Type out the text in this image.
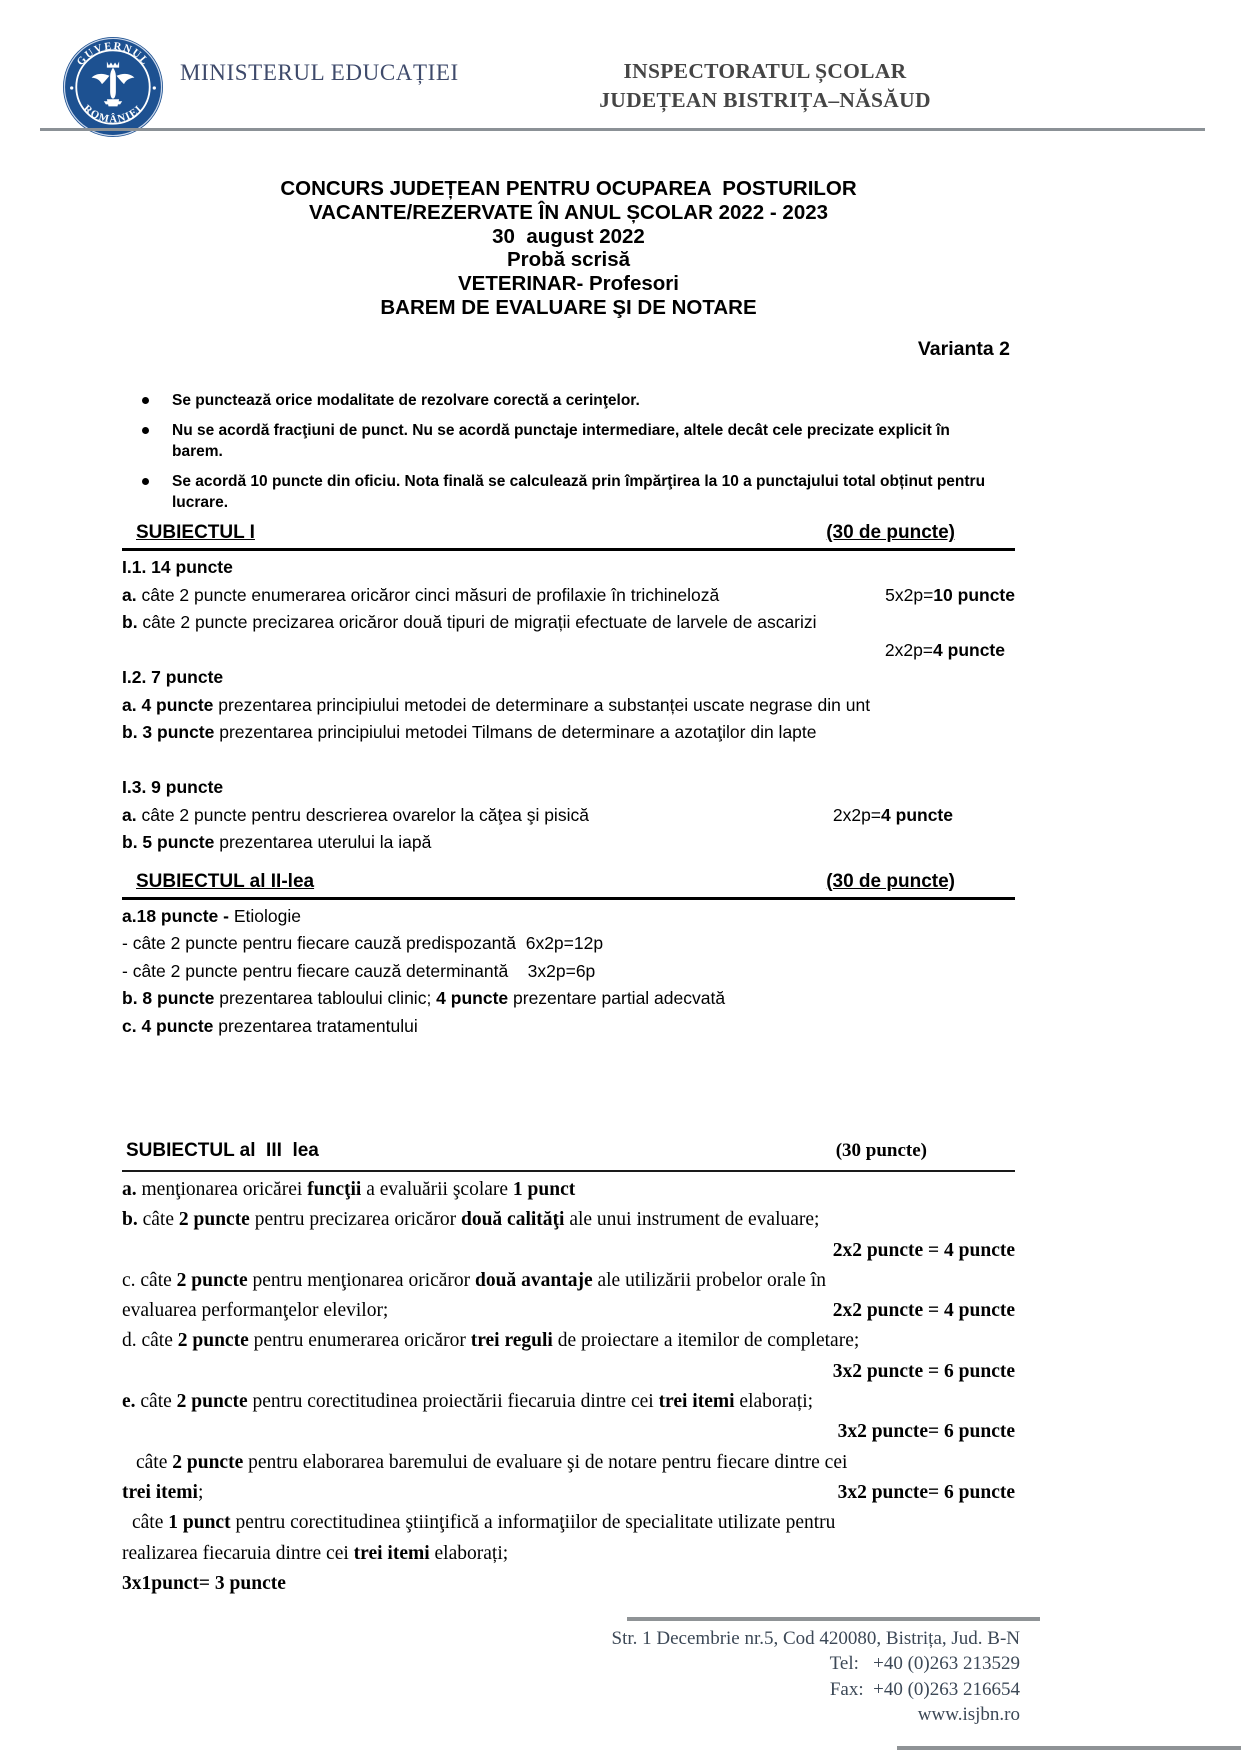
GUVERNUL
ROMÂNIEI
MINISTERUL EDUCAȚIEI	INSPECTORATUL ȘCOLAR
JUDEȚEAN BISTRIȚA–NĂSĂUD
CONCURS JUDEȚEAN PENTRU OCUPAREA  POSTURILOR
VACANTE/REZERVATE ÎN ANUL ȘCOLAR 2022 - 2023
30  august 2022
Probă scrisă
VETERINAR- Profesori
BAREM DE EVALUARE ŞI DE NOTARE
Varianta 2
Se punctează orice modalitate de rezolvare corectă a cerinţelor.
Nu se acordă fracţiuni de punct. Nu se acordă punctaje intermediare, altele decât cele precizate explicit în barem.
Se acordă 10 puncte din oficiu. Nota finală se calculează prin împărţirea la 10 a punctajului total obținut pentru lucrare.
SUBIECTUL I	(30 de puncte)
I.1. 14 puncte
a. câte 2 puncte enumerarea oricăror cinci măsuri de profilaxie în trichineloză	5x2p=10 puncte
b. câte 2 puncte precizarea oricăror două tipuri de migrații efectuate de larvele de ascarizi
2x2p=4 puncte
I.2. 7 puncte
a. 4 puncte prezentarea principiului metodei de determinare a substanței uscate negrase din unt
b. 3 puncte prezentarea principiului metodei Tilmans de determinare a azotaţilor din lapte
I.3. 9 puncte
a. câte 2 puncte pentru descrierea ovarelor la căţea şi pisică	2x2p=4 puncte
b. 5 puncte prezentarea uterului la iapă
SUBIECTUL al II-lea	(30 de puncte)
a.18 puncte - Etiologie
- câte 2 puncte pentru fiecare cauză predispozantă  6x2p=12p
- câte 2 puncte pentru fiecare cauză determinantă    3x2p=6p
b. 8 puncte prezentarea tabloului clinic; 4 puncte prezentare partial adecvată
c. 4 puncte prezentarea tratamentului
SUBIECTUL al  III  lea	(30 puncte)
a. menţionarea oricărei funcţii a evaluării şcolare 1 punct
b. câte 2 puncte pentru precizarea oricăror două calităţi ale unui instrument de evaluare;
2x2 puncte = 4 puncte
c. câte 2 puncte pentru menţionarea oricăror două avantaje ale utilizării probelor orale în
evaluarea performanţelor elevilor;	2x2 puncte = 4 puncte
d. câte 2 puncte pentru enumerarea oricăror trei reguli de proiectare a itemilor de completare;
3x2 puncte = 6 puncte
e. câte 2 puncte pentru corectitudinea proiectării fiecaruia dintre cei trei itemi elaborați;
3x2 puncte= 6 puncte
câte 2 puncte pentru elaborarea baremului de evaluare şi de notare pentru fiecare dintre cei
trei itemi;	3x2 puncte= 6 puncte
câte 1 punct pentru corectitudinea ştiinţifică a informaţiilor de specialitate utilizate pentru
realizarea fiecaruia dintre cei trei itemi elaborați;
3x1punct= 3 puncte
Str. 1 Decembrie nr.5, Cod 420080, Bistrița, Jud. B-N
Tel:   +40 (0)263 213529
Fax:  +40 (0)263 216654
www.isjbn.ro
